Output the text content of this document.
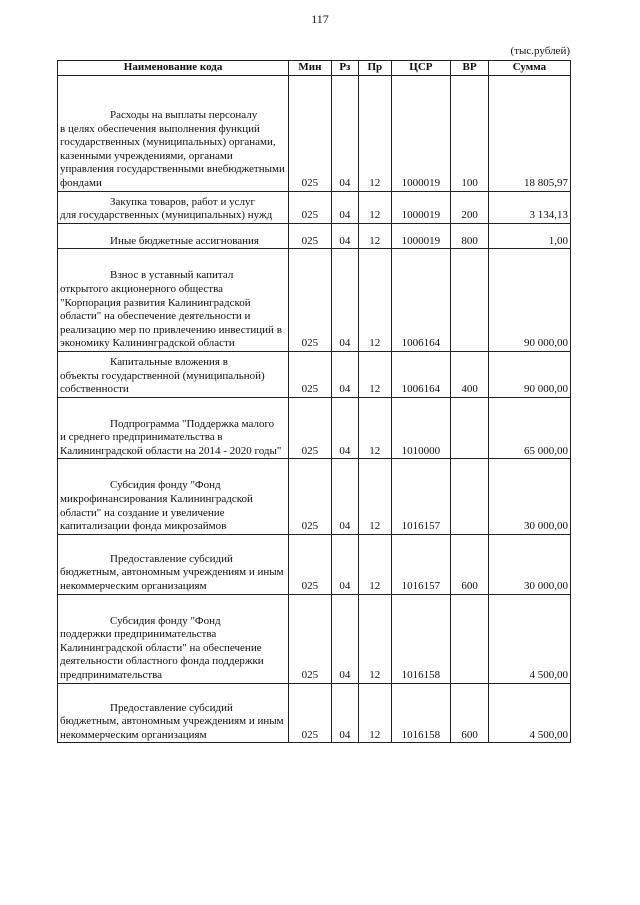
117
(тыс.рублей)
Наименование кода	Мин	Рз	Пр	ЦСР	ВР	Сумма

Расходы на выплаты персоналу
в целях обеспечения выполнения функций государственных (муниципальных) органами, казенными учреждениями, органами управления государственными внебюджетными фондами	025	04	12	1000019	100	18 805,97

Закупка товаров, работ и услуг
для государственных (муниципальных) нужд	025	04	12	1000019	200	3 134,13

Иные бюджетные ассигнования	025	04	12	1000019	800	1,00

Взнос в уставный капитал
открытого акционерного общества "Корпорация развития Калининградской области" на обеспечение деятельности и реализацию мер по привлечению инвестиций в экономику Калининградской области	025	04	12	1006164		90 000,00

Капитальные вложения в
объекты государственной (муниципальной) собственности	025	04	12	1006164	400	90 000,00

Подпрограмма "Поддержка малого
и среднего предпринимательства в Калининградской области на 2014 - 2020 годы"	025	04	12	1010000		65 000,00

Субсидия фонду "Фонд
микрофинансирования Калининградской области" на создание и увеличение капитализации фонда микрозаймов	025	04	12	1016157		30 000,00

Предоставление субсидий
бюджетным, автономным учреждениям и иным некоммерческим организациям	025	04	12	1016157	600	30 000,00

Субсидия фонду "Фонд
поддержки предпринимательства Калининградской области" на обеспечение деятельности областного фонда поддержки предпринимательства	025	04	12	1016158		4 500,00

Предоставление субсидий
бюджетным, автономным учреждениям и иным некоммерческим организациям	025	04	12	1016158	600	4 500,00
